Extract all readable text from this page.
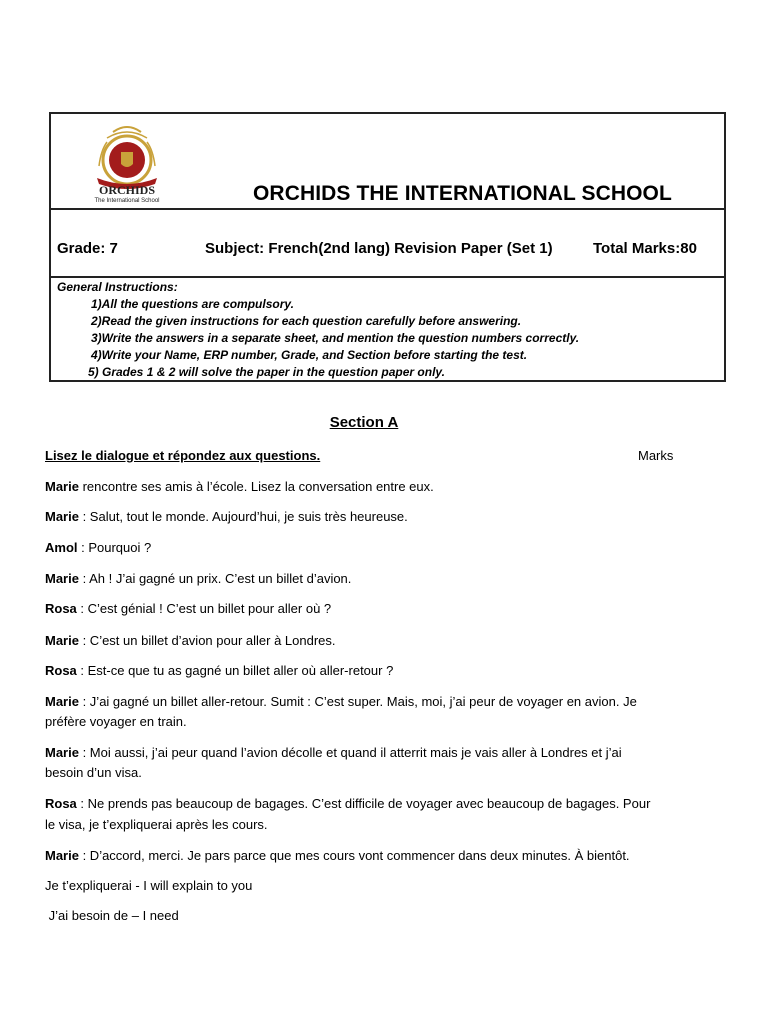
ORCHIDS
The International School	ORCHIDS THE INTERNATIONAL SCHOOL
Grade: 7	Subject: French(2nd lang) Revision Paper (Set 1)	Total Marks:80
General Instructions:
1)All the questions are compulsory.
2)Read the given instructions for each question carefully before answering.
3)Write the answers in a separate sheet, and mention the question numbers correctly.
4)Write your Name, ERP number, Grade, and Section before starting the test.
5) Grades 1 & 2 will solve the paper in the question paper only.
Section A
Lisez le dialogue et répondez aux questions.	Marks
Marie rencontre ses amis à l’école. Lisez la conversation entre eux.
Marie : Salut, tout le monde. Aujourd’hui, je suis très heureuse.
Amol : Pourquoi ?
Marie : Ah ! J’ai gagné un prix. C’est un billet d’avion.
Rosa : C’est génial ! C’est un billet pour aller où ?
Marie : C’est un billet d’avion pour aller à Londres.
Rosa : Est-ce que tu as gagné un billet aller où aller-retour ?
Marie : J’ai gagné un billet aller-retour. Sumit : C’est super. Mais, moi, j’ai peur de voyager en avion. Je
préfère voyager en train.
Marie : Moi aussi, j’ai peur quand l’avion décolle et quand il atterrit mais je vais aller à Londres et j’ai
besoin d’un visa.
Rosa : Ne prends pas beaucoup de bagages. C’est difficile de voyager avec beaucoup de bagages. Pour
le visa, je t’expliquerai après les cours.
Marie : D’accord, merci. Je pars parce que mes cours vont commencer dans deux minutes. À bientôt.
Je t’expliquerai - I will explain to you
J’ai besoin de – I need
